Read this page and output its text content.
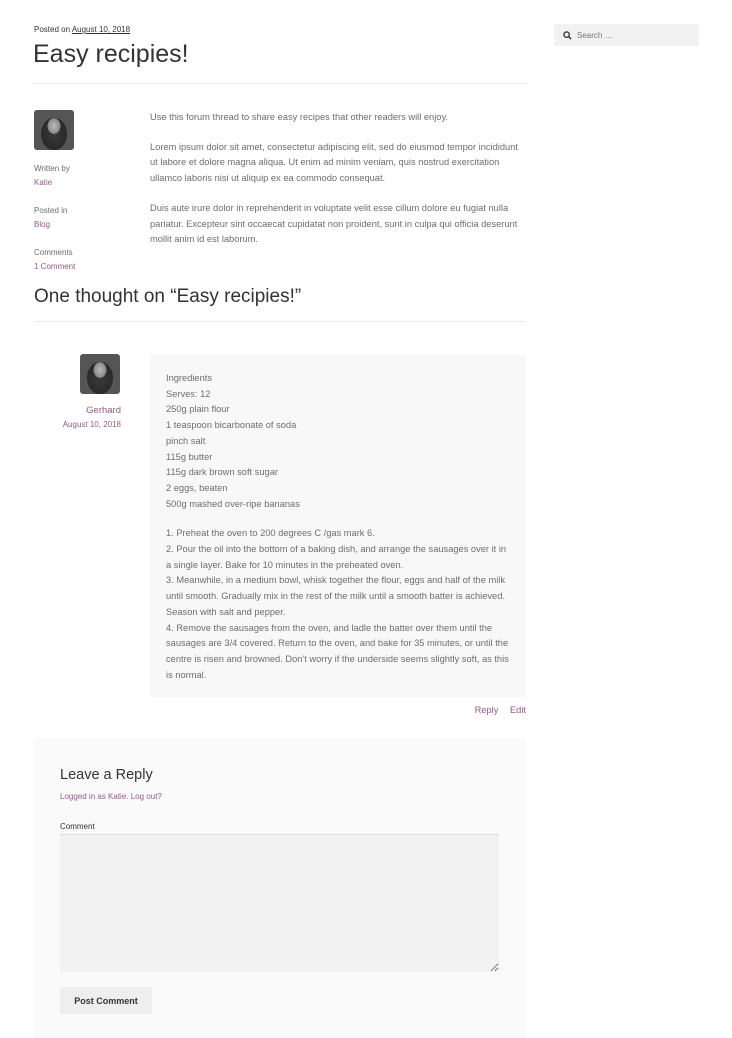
Posted on August 10, 2018
Easy recipies!
Written by
Katie
Posted in
Blog
Comments
1 Comment

Use this forum thread to share easy recipes that other readers will enjoy.

Lorem ipsum dolor sit amet, consectetur adipiscing elit, sed do eiusmod tempor incididunt ut labore et dolore magna aliqua. Ut enim ad minim veniam, quis nostrud exercitation ullamco laboris nisi ut aliquip ex ea commodo consequat.

Duis aute irure dolor in reprehenderit in voluptate velit esse cillum dolore eu fugiat nulla pariatur. Excepteur sint occaecat cupidatat non proident, sunt in culpa qui officia deserunt mollit anim id est laborum.

One thought on “Easy recipies!”
Gerhard
August 10, 2018
Ingredients
Serves: 12
250g plain flour
1 teaspoon bicarbonate of soda
pinch salt
115g butter
115g dark brown soft sugar
2 eggs, beaten
500g mashed over-ripe bananas
1. Preheat the oven to 200 degrees C /gas mark 6.
2. Pour the oil into the bottom of a baking dish, and arrange the sausages over it in a single layer. Bake for 10 minutes in the preheated oven.
3. Meanwhile, in a medium bowl, whisk together the flour, eggs and half of the milk until smooth. Gradually mix in the rest of the milk until a smooth batter is achieved. Season with salt and pepper.
4. Remove the sausages from the oven, and ladle the batter over them until the sausages are 3/4 covered. Return to the oven, and bake for 35 minutes, or until the centre is risen and browned. Don't worry if the underside seems slightly soft, as this is normal.
Reply Edit
Leave a Reply
Logged in as Katie. Log out?
Comment
Post Comment
Search …
